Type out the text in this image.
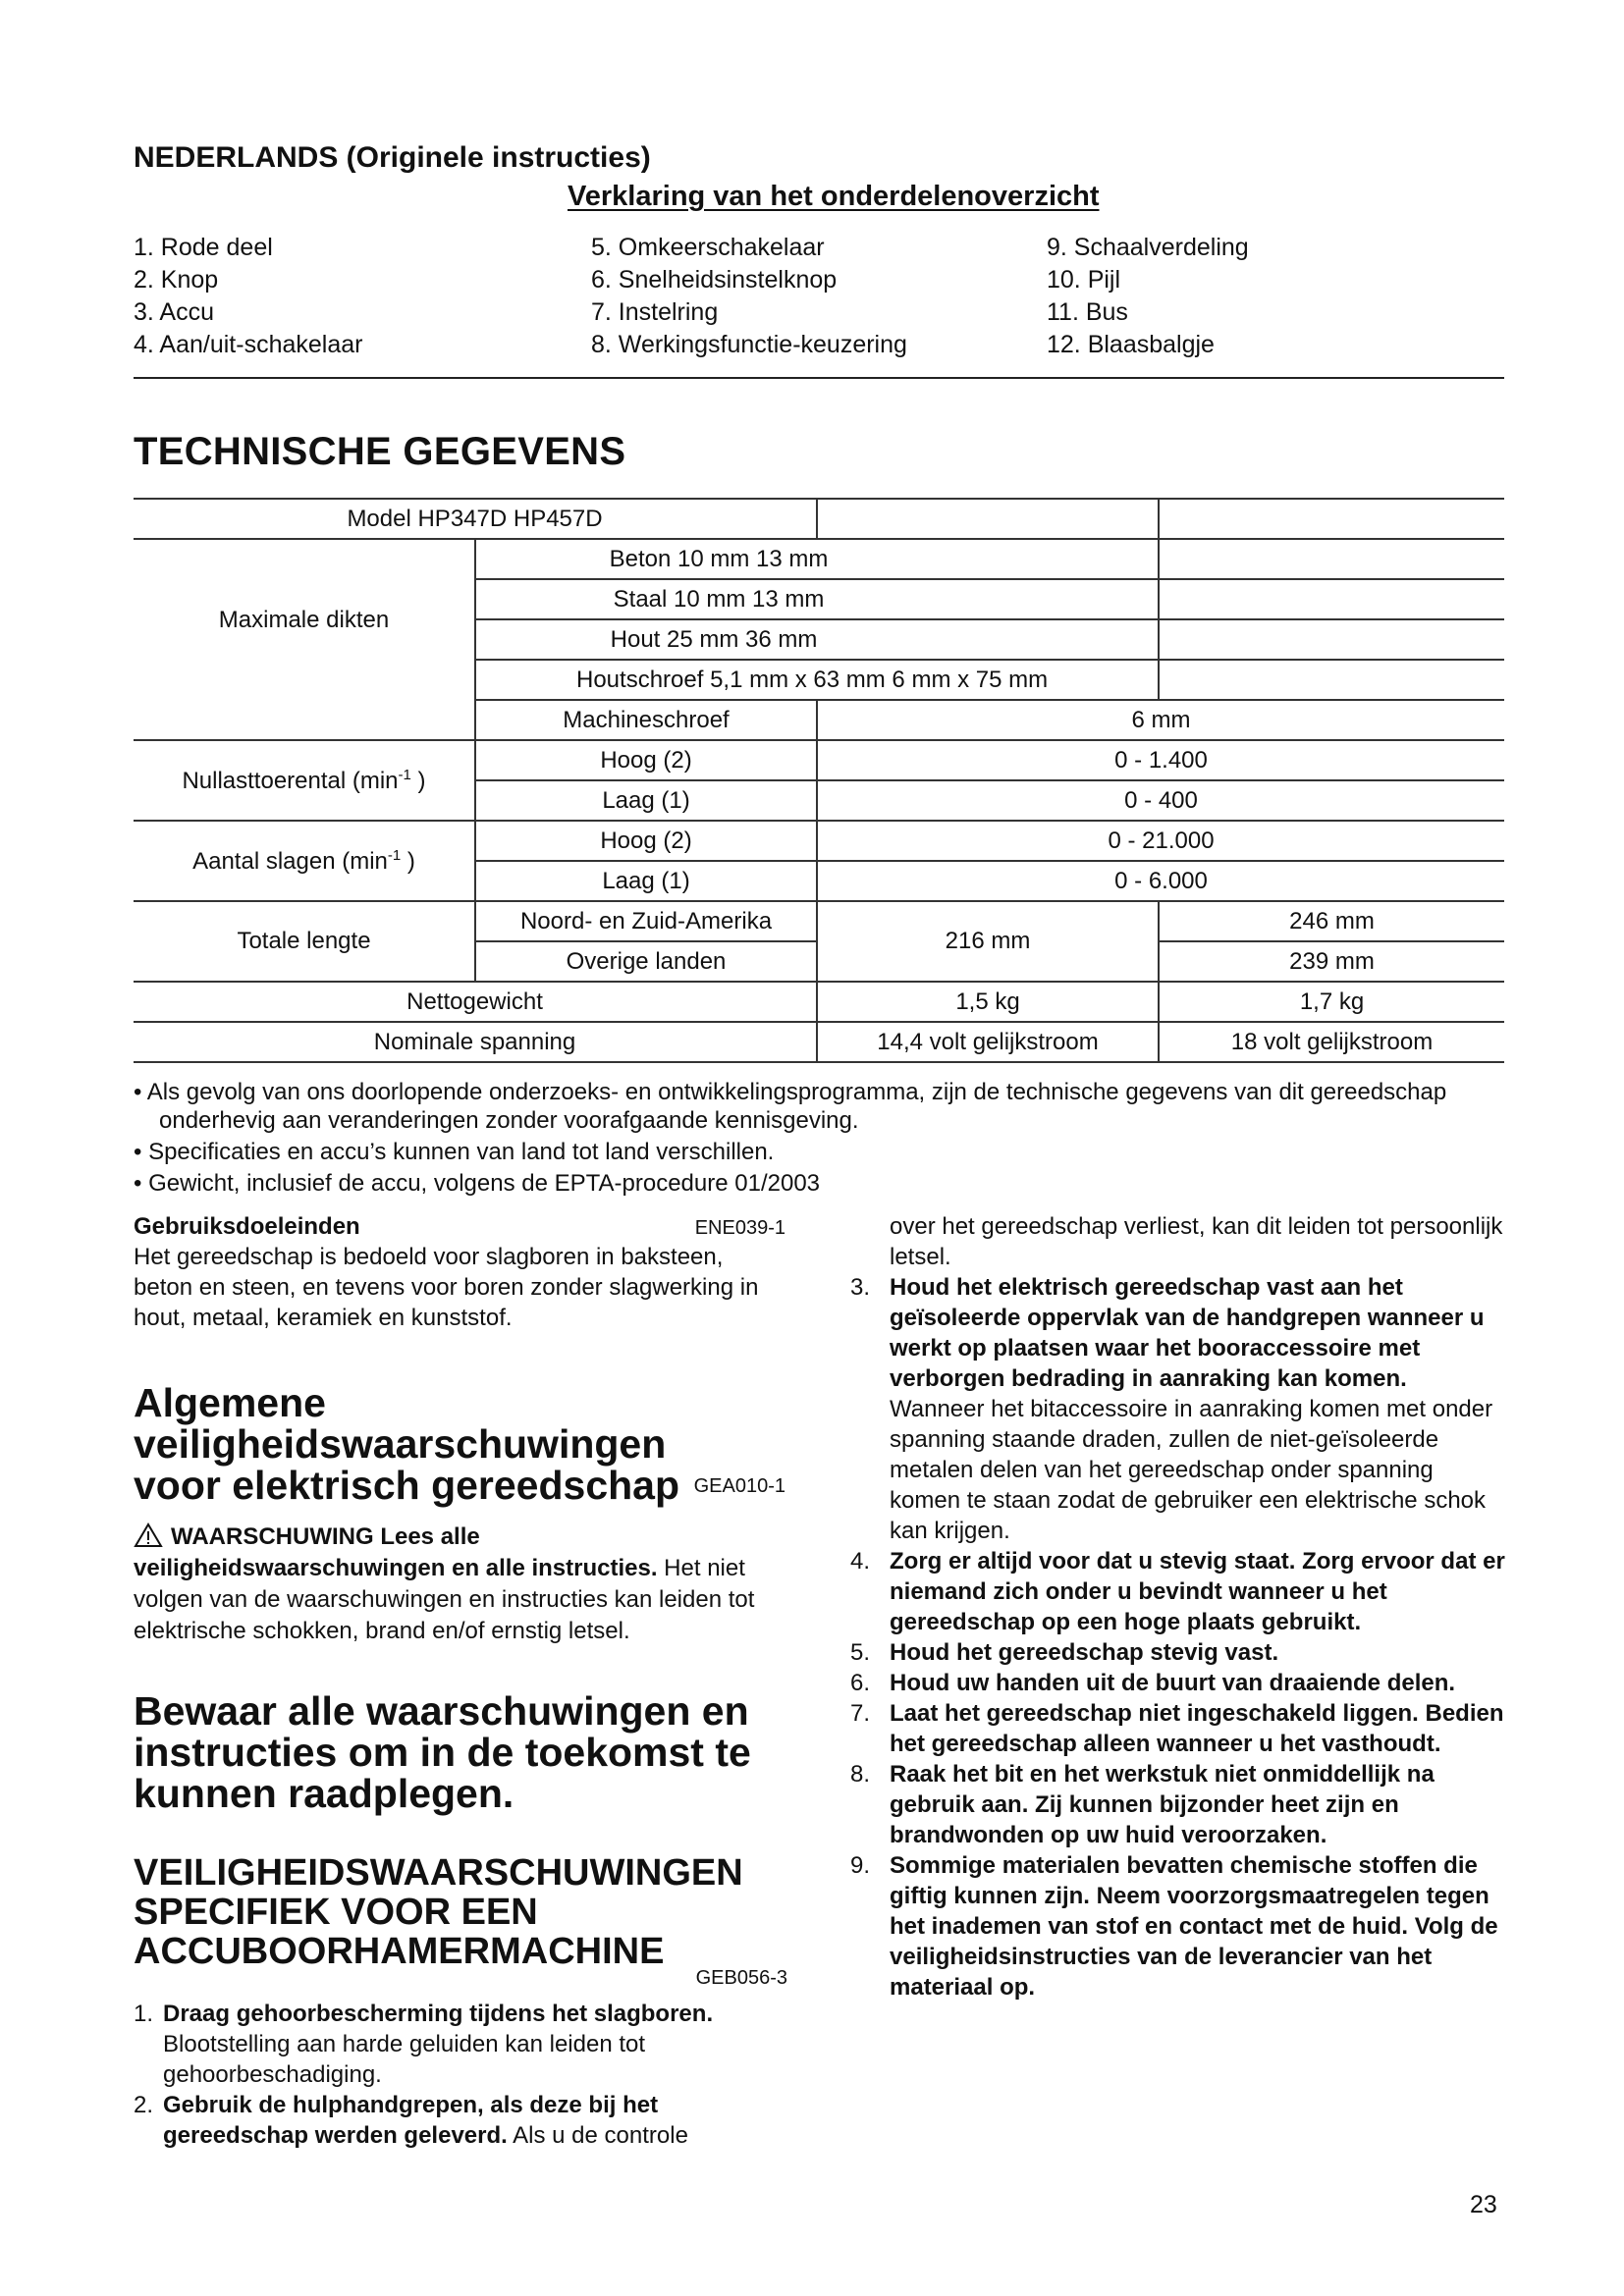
NEDERLANDS (Originele instructies)
Verklaring van het onderdelenoverzicht
1. Rode deel
2. Knop
3. Accu
4. Aan/uit-schakelaar
5. Omkeerschakelaar
6. Snelheidsinstelknop
7. Instelring
8. Werkingsfunctie-keuzering
9. Schaalverdeling
10. Pijl
11. Bus
12. Blaasbalgje
TECHNISCHE GEGEVENS
Model HP347D HP457D			
Maximale dikten	Beton 10 mm 13 mm		
	Staal 10 mm 13 mm		
	Hout 25 mm 36 mm		
	Houtschroef 5,1 mm x 63 mm 6 mm x 75 mm		
	Machineschroef	6 mm	
Nullasttoerental ($\min^{-1}$ )	Hoog (2)	0 - 1.400	
	Laag (1)	0 - 400	
Aantal slagen ($\min^{-1}$ )	Hoog (2)	0 - 21.000	
	Laag (1)	0 - 6.000	
Totale lengte	Noord- en Zuid-Amerika	216 mm	246 mm
	Overige landen		239 mm
Nettogewicht		1,5 kg	1,7 kg
Nominale spanning		14,4 volt gelijkstroom	18 volt gelijkstroom
• Als gevolg van ons doorlopende onderzoeks- en ontwikkelingsprogramma, zijn de technische gegevens van dit gereedschap onderhevig aan veranderingen zonder voorafgaande kennisgeving.
• Specificaties en accu’s kunnen van land tot land verschillen.
• Gewicht, inclusief de accu, volgens de EPTA-procedure 01/2003
Gebruiksdoeleinden	ENE039-1
Het gereedschap is bedoeld voor slagboren in baksteen, beton en steen, en tevens voor boren zonder slagwerking in hout, metaal, keramiek en kunststof.
Algemene veiligheidswaarschuwingen voor elektrisch gereedschap GEA010-1
WAARSCHUWING Lees alle veiligheidswaarschuwingen en alle instructies. Het niet volgen van de waarschuwingen en instructies kan leiden tot elektrische schokken, brand en/of ernstig letsel.
Bewaar alle waarschuwingen en instructies om in de toekomst te kunnen raadplegen.
VEILIGHEIDSWAARSCHUWINGEN SPECIFIEK VOOR EEN ACCUBOORHAMERMACHINE
GEB056-3
1. Draag gehoorbescherming tijdens het slagboren. Blootstelling aan harde geluiden kan leiden tot gehoorbeschadiging.
2. Gebruik de hulphandgrepen, als deze bij het gereedschap werden geleverd. Als u de controle
over het gereedschap verliest, kan dit leiden tot persoonlijk letsel.
3. Houd het elektrisch gereedschap vast aan het geïsoleerde oppervlak van de handgrepen wanneer u werkt op plaatsen waar het booraccessoire met verborgen bedrading in aanraking kan komen. Wanneer het bitaccessoire in aanraking komen met onder spanning staande draden, zullen de niet-geïsoleerde metalen delen van het gereedschap onder spanning komen te staan zodat de gebruiker een elektrische schok kan krijgen.
4. Zorg er altijd voor dat u stevig staat. Zorg ervoor dat er niemand zich onder u bevindt wanneer u het gereedschap op een hoge plaats gebruikt.
5. Houd het gereedschap stevig vast.
6. Houd uw handen uit de buurt van draaiende delen.
7. Laat het gereedschap niet ingeschakeld liggen. Bedien het gereedschap alleen wanneer u het vasthoudt.
8. Raak het bit en het werkstuk niet onmiddellijk na gebruik aan. Zij kunnen bijzonder heet zijn en brandwonden op uw huid veroorzaken.
9. Sommige materialen bevatten chemische stoffen die giftig kunnen zijn. Neem voorzorgsmaatregelen tegen het inademen van stof en contact met de huid. Volg de veiligheidsinstructies van de leverancier van het materiaal op.
23
